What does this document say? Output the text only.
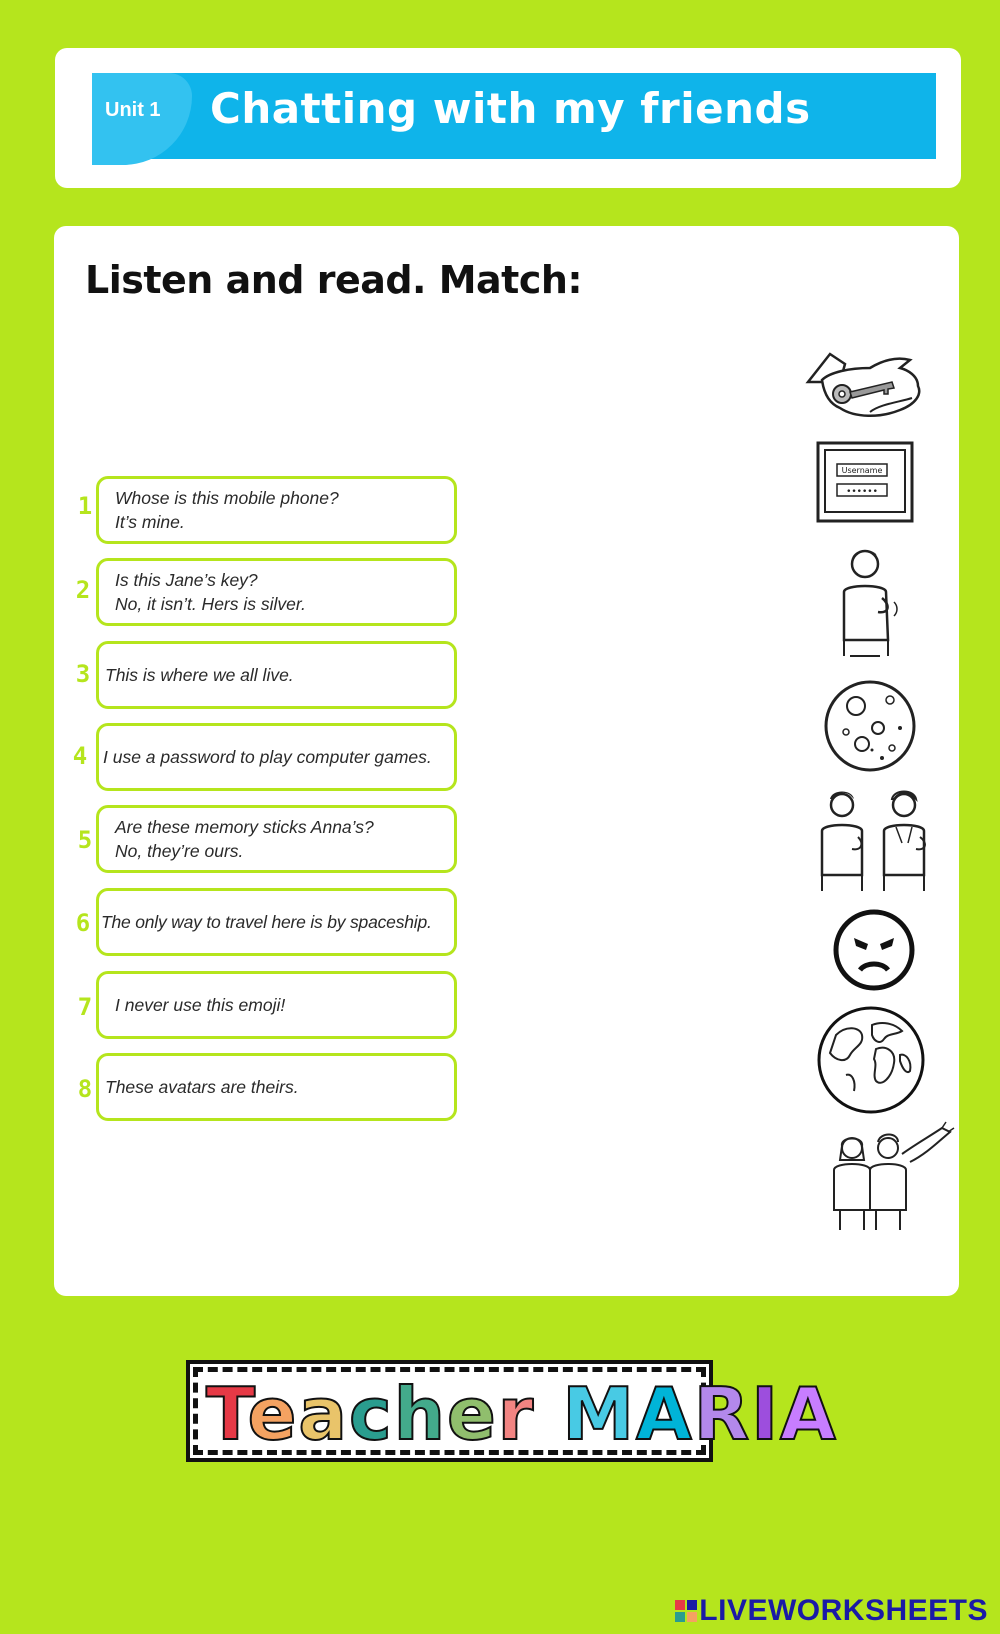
Unit 1 Chatting with my friends
Listen and read. Match:
1 Whose is this mobile phone?
It’s mine.
2 Is this Jane’s key?
No, it isn’t. Hers is silver.
3 This is where we all live.
4 I use a password to play computer games.
5 Are these memory sticks Anna’s?
No, they’re ours.
6 The only way to travel here is by spaceship.
7 I never use this emoji!
8 These avatars are theirs.
Username
••••••
Teacher MARIA
LIVEWORKSHEETS
